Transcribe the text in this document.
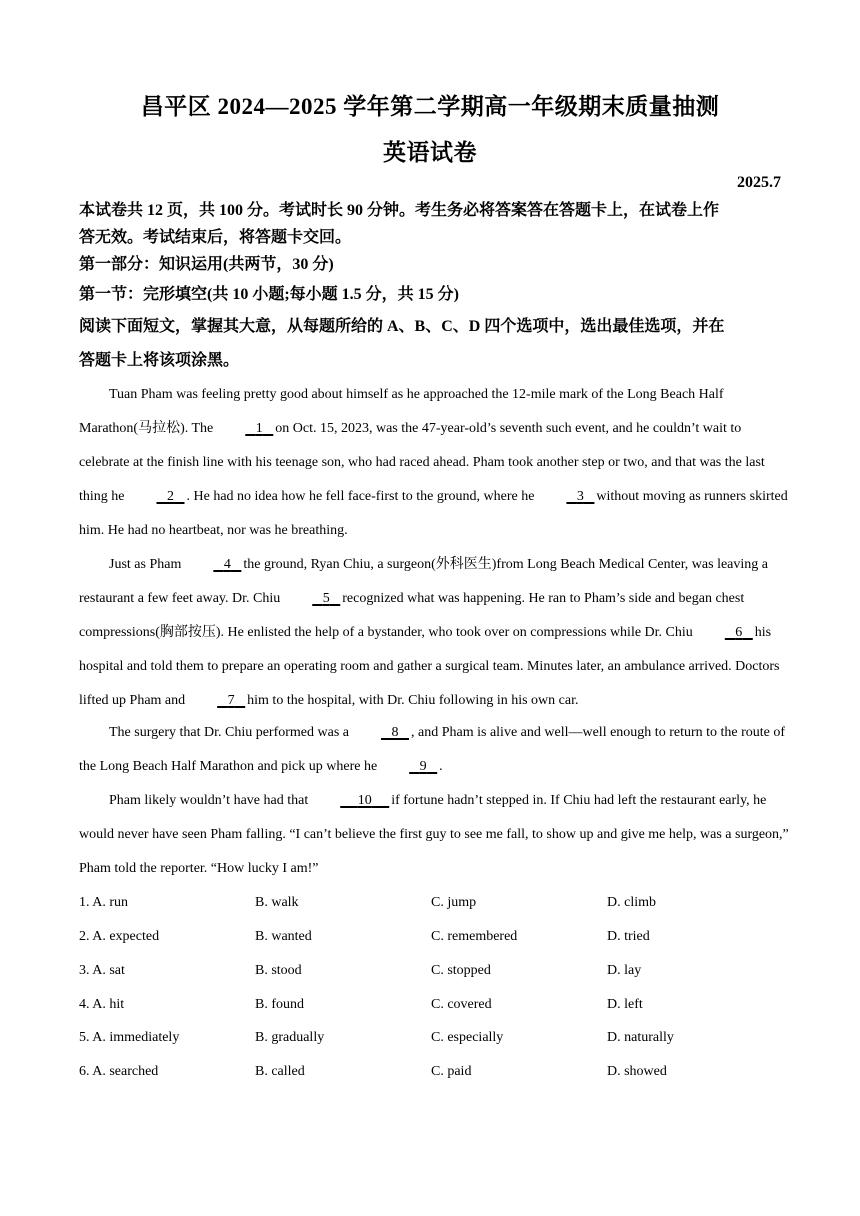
昌平区 2024—2025 学年第二学期高一年级期末质量抽测
英语试卷
2025.7
本试卷共 12 页，共 100 分。考试时长 90 分钟。考生务必将答案答在答题卡上，在试卷上作
答无效。考试结束后，将答题卡交回。
第一部分：知识运用(共两节，30 分)
第一节：完形填空(共 10 小题;每小题 1.5 分，共 15 分)
阅读下面短文，掌握其大意，从每题所给的 A、B、C、D 四个选项中，选出最佳选项，并在
答题卡上将该项涂黑。
Tuan Pham was feeling pretty good about himself as he approached the 12-mile mark of the Long Beach Half Marathon(马拉松). The	1 on Oct. 15, 2023, was the 47-year-old’s seventh such event, and he couldn’t wait to celebrate at the finish line with his teenage son, who had raced ahead. Pham took another step or two, and that was the last thing he	2 . He had no idea how he fell face-first to the ground, where he	3 without moving as runners skirted him. He had no heartbeat, nor was he breathing.
Just as Pham	4 the ground, Ryan Chiu, a surgeon(外科医生)from Long Beach Medical Center, was leaving a restaurant a few feet away. Dr. Chiu	5 recognized what was happening. He ran to Pham’s side and began chest compressions(胸部按压). He enlisted the help of a bystander, who took over on compressions while Dr. Chiu	6 his hospital and told them to prepare an operating room and gather a surgical team. Minutes later, an ambulance arrived. Doctors lifted up Pham and	7 him to the hospital, with Dr. Chiu following in his own car.
The surgery that Dr. Chiu performed was a	8 , and Pham is alive and well—well enough to return to the route of the Long Beach Half Marathon and pick up where he	9 .
Pham likely wouldn’t have had that	10 if fortune hadn’t stepped in. If Chiu had left the restaurant early, he would never have seen Pham falling. “I can’t believe the first guy to see me fall, to show up and give me help, was a surgeon,” Pham told the reporter. “How lucky I am!”
1. A. run	B. walk	C. jump	D. climb
2. A. expected	B. wanted	C. remembered	D. tried
3. A. sat	B. stood	C. stopped	D. lay
4. A. hit	B. found	C. covered	D. left
5. A. immediately	B. gradually	C. especially	D. naturally
6. A. searched	B. called	C. paid	D. showed
